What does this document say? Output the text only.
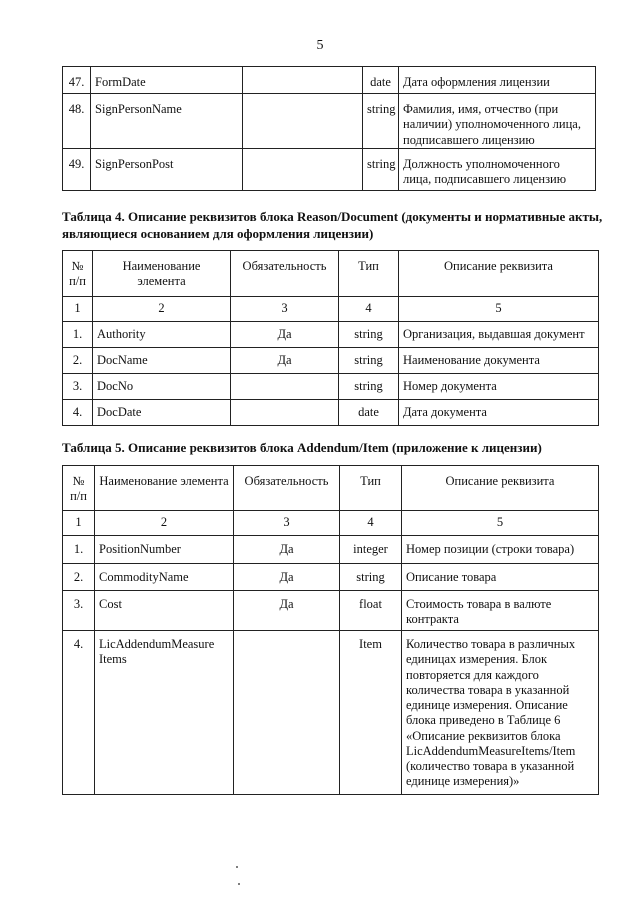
5
47.	FormDate		date	Дата оформления лицензии
48.	SignPersonName		string	Фамилия, имя, отчество (при наличии) уполномоченного лица, подписавшего лицензию
49.	SignPersonPost		string	Должность уполномоченного лица, подписавшего лицензию
Таблица 4. Описание реквизитов блока Reason/Document (документы и нормативные акты, являющиеся основанием для оформления лицензии)
№ п/п	Наименование элемента	Обязательность	Тип	Описание реквизита
1	2	3	4	5
1.	Authority	Да	string	Организация, выдавшая документ
2.	DocName	Да	string	Наименование документа
3.	DocNo		string	Номер документа
4.	DocDate		date	Дата документа
Таблица 5. Описание реквизитов блока Addendum/Item (приложение к лицензии)
№ п/п	Наименование элемента	Обязательность	Тип	Описание реквизита
1	2	3	4	5
1.	PositionNumber	Да	integer	Номер позиции (строки товара)
2.	CommodityName	Да	string	Описание товара
3.	Cost	Да	float	Стоимость товара в валюте контракта
4.	LicAddendumMeasure Items		Item	Количество товара в различных единицах измерения. Блок повторяется для каждого количества товара в указанной единице измерения. Описание блока приведено в Таблице 6 «Описание реквизитов блока LicAddendumMeasureItems/Item (количество товара в указанной единице измерения)»
